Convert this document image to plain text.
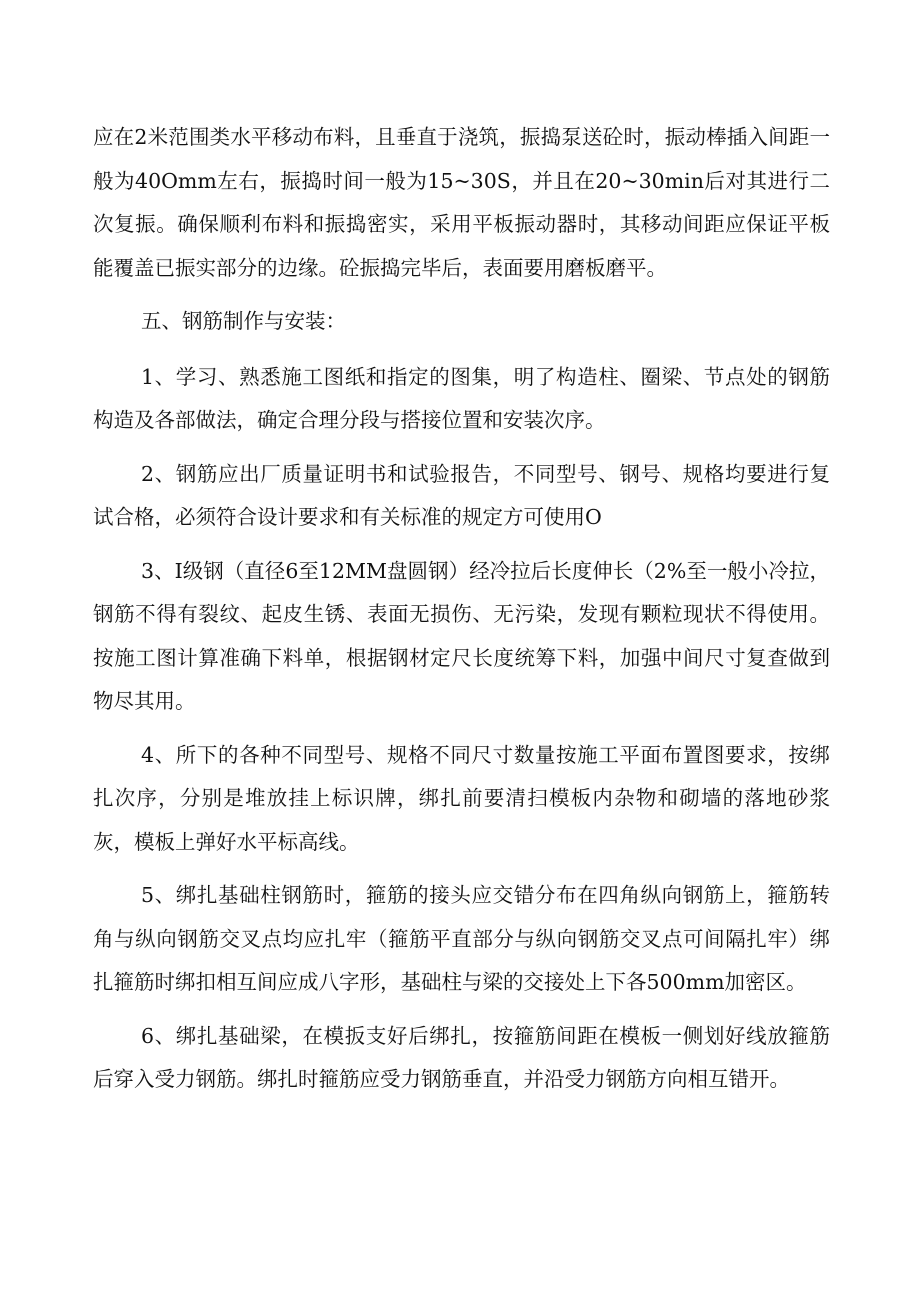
应在2米范围类水平移动布料，且垂直于浇筑，振捣泵送砼时，振动棒插入间距一般为40Omm左右，振捣时间一般为15~30S，并且在20~30min后对其进行二次复振。确保顺利布料和振捣密实，采用平板振动器时，其移动间距应保证平板能覆盖已振实部分的边缘。砼振捣完毕后，表面要用磨板磨平。

五、钢筋制作与安装：

1、学习、熟悉施工图纸和指定的图集，明了构造柱、圈梁、节点处的钢筋构造及各部做法，确定合理分段与搭接位置和安装次序。

2、钢筋应出厂质量证明书和试验报告，不同型号、钢号、规格均要进行复试合格，必须符合设计要求和有关标准的规定方可使用O

3、I级钢（直径6至12MM盘圆钢）经冷拉后长度伸长（2%至一般小冷拉，钢筋不得有裂纹、起皮生锈、表面无损伤、无污染，发现有颗粒现状不得使用。按施工图计算准确下料单，根据钢材定尺长度统筹下料，加强中间尺寸复查做到物尽其用。

4、所下的各种不同型号、规格不同尺寸数量按施工平面布置图要求，按绑扎次序，分别是堆放挂上标识牌，绑扎前要清扫模板内杂物和砌墙的落地砂浆灰，模板上弹好水平标高线。

5、绑扎基础柱钢筋时，箍筋的接头应交错分布在四角纵向钢筋上，箍筋转角与纵向钢筋交叉点均应扎牢（箍筋平直部分与纵向钢筋交叉点可间隔扎牢）绑扎箍筋时绑扣相互间应成八字形，基础柱与梁的交接处上下各500mm加密区。

6、绑扎基础梁，在模扳支好后绑扎，按箍筋间距在模板一侧划好线放箍筋后穿入受力钢筋。绑扎时箍筋应受力钢筋垂直，并沿受力钢筋方向相互错开。
